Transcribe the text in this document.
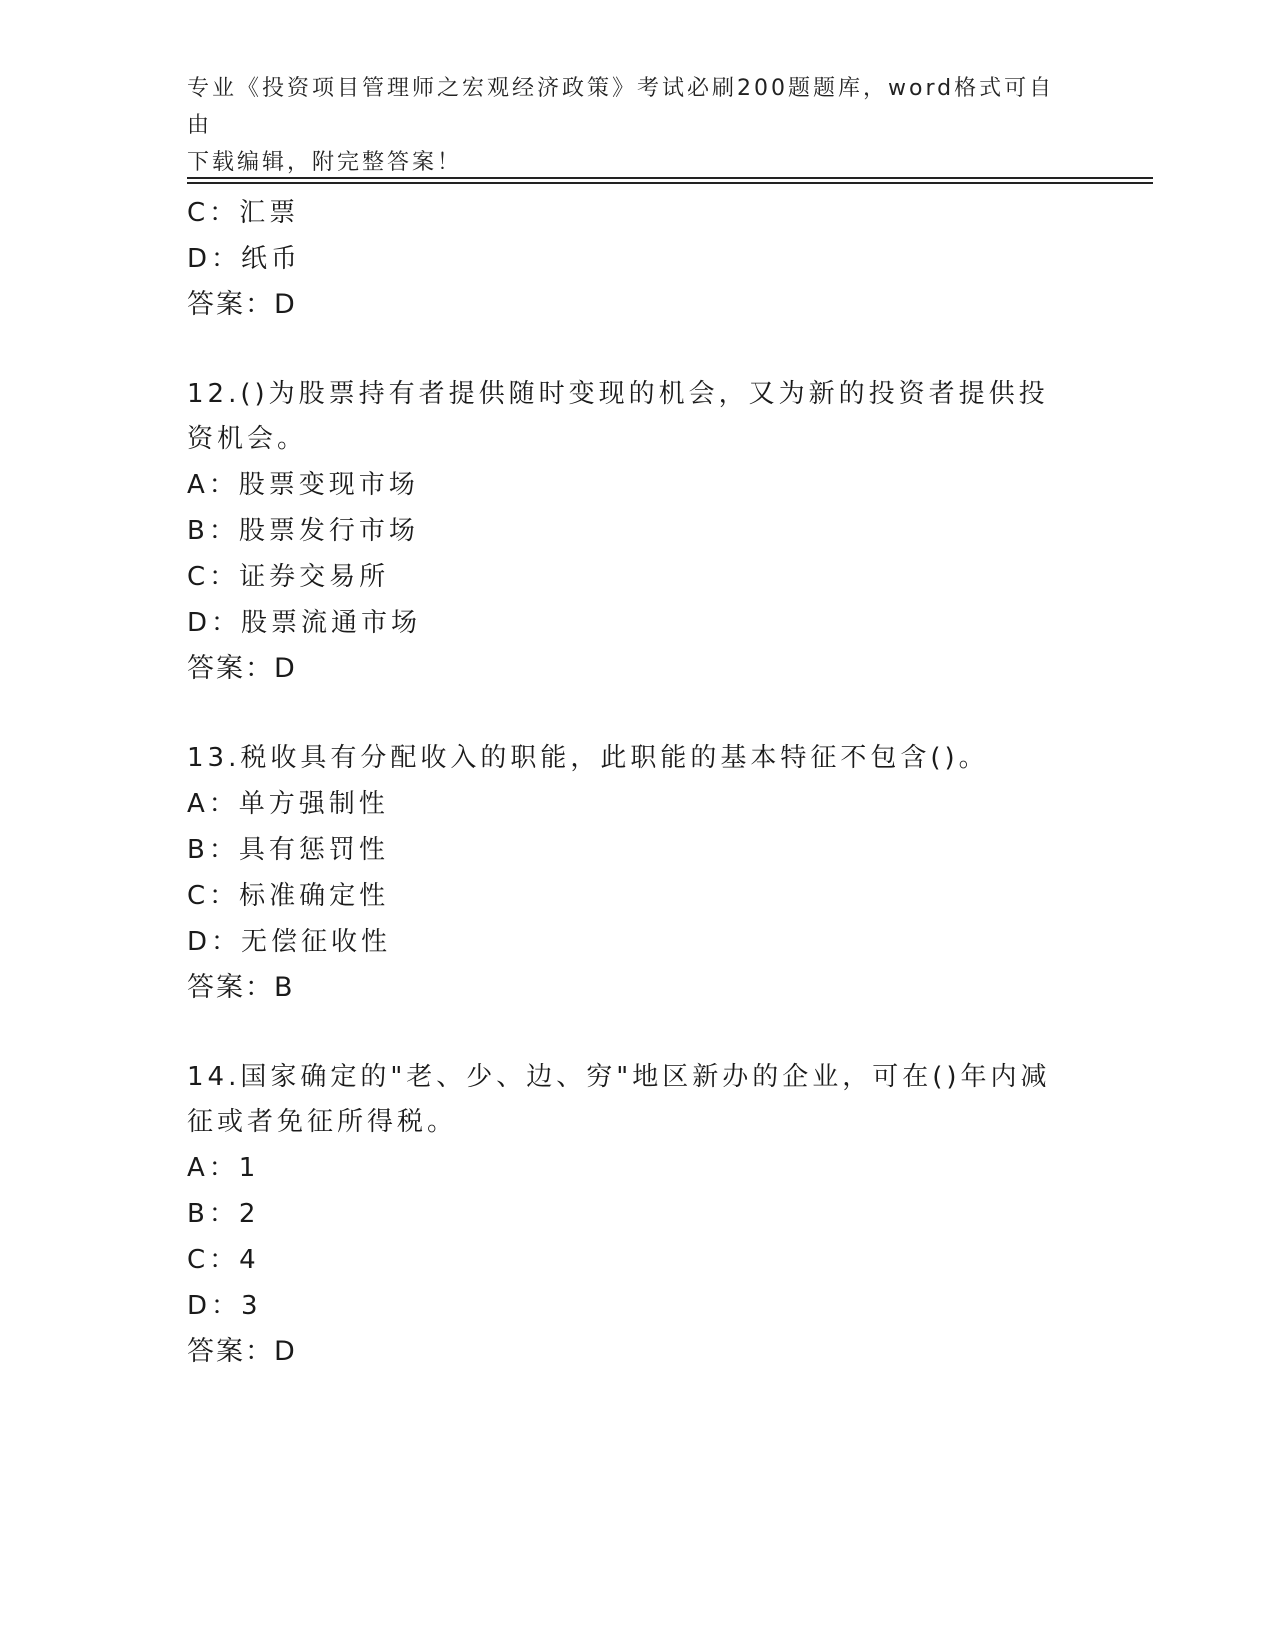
专业《投资项目管理师之宏观经济政策》考试必刷200题题库，word格式可自由
下载编辑，附完整答案！
C：汇票
D：纸币
答案：D
12.()为股票持有者提供随时变现的机会，又为新的投资者提供投资机会。
A：股票变现市场
B：股票发行市场
C：证券交易所
D：股票流通市场
答案：D
13.税收具有分配收入的职能，此职能的基本特征不包含()。
A：单方强制性
B：具有惩罚性
C：标准确定性
D：无偿征收性
答案：B
14.国家确定的"老、少、边、穷"地区新办的企业，可在()年内减征或者免征所得税。
A：1
B：2
C：4
D：3
答案：D
